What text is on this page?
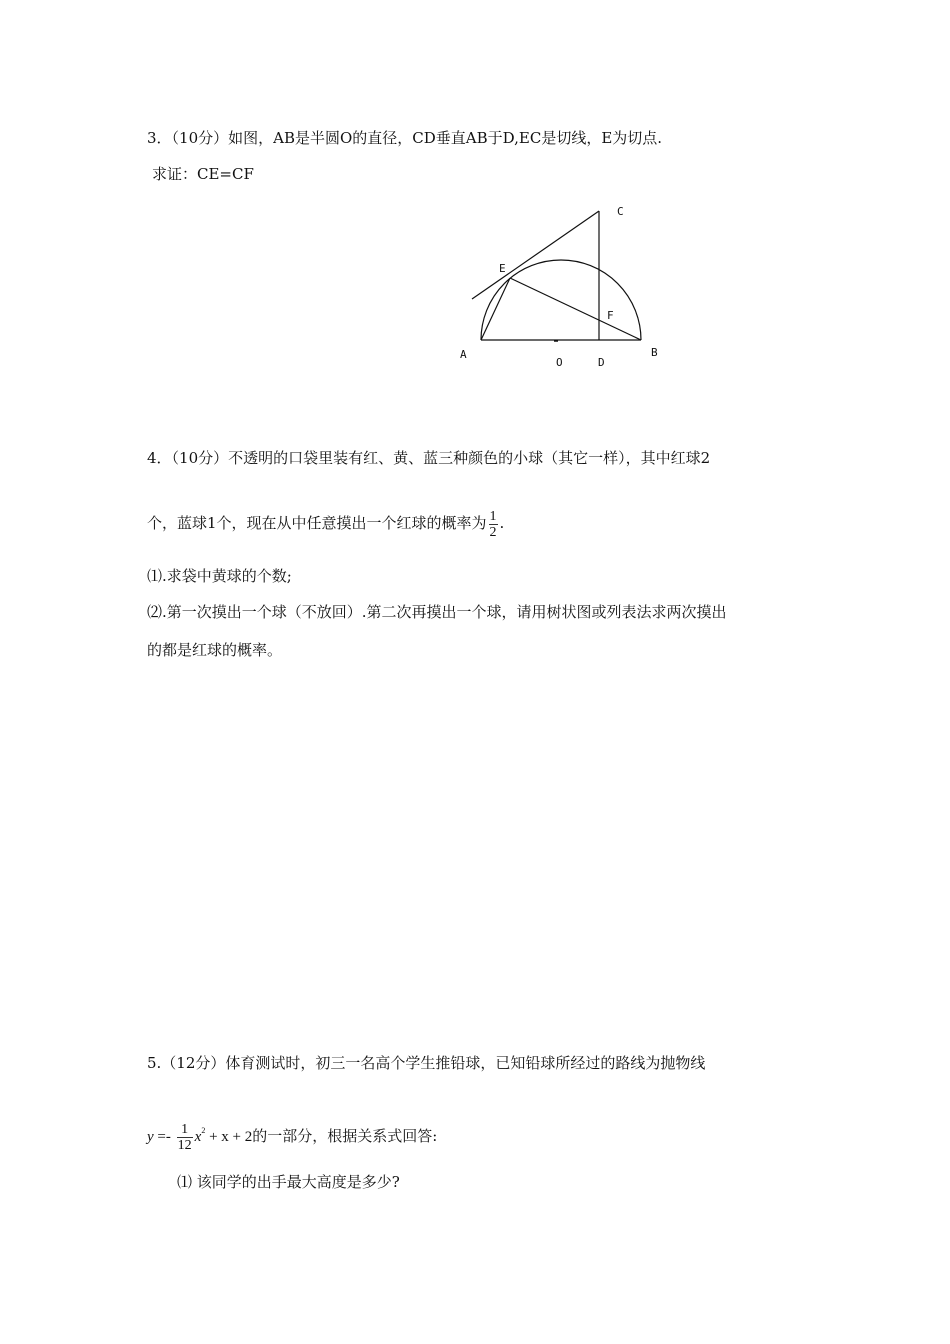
3．（10分）如图，AB是半圆O的直径，CD垂直AB于D,EC是切线，E为切点.
求证：CE=CF
C
E
F
A
O	D
B
4．（10分）不透明的口袋里装有红、黄、蓝三种颜色的小球（其它一样），其中红球2
个，蓝球1个，现在从中任意摸出一个红球的概率为 $\frac{1}{2}$ .
⑴.求袋中黄球的个数;
⑵.第一次摸出一个球（不放回）.第二次再摸出一个球，请用树状图或列表法求两次摸出
的都是红球的概率。
5.（12分）体育测试时，初三一名高个学生推铅球，已知铅球所经过的路线为抛物线
$y =- \frac{1}{12} x^2 + x + 2$的一部分，根据关系式回答:
⑴ 该同学的出手最大高度是多少?
